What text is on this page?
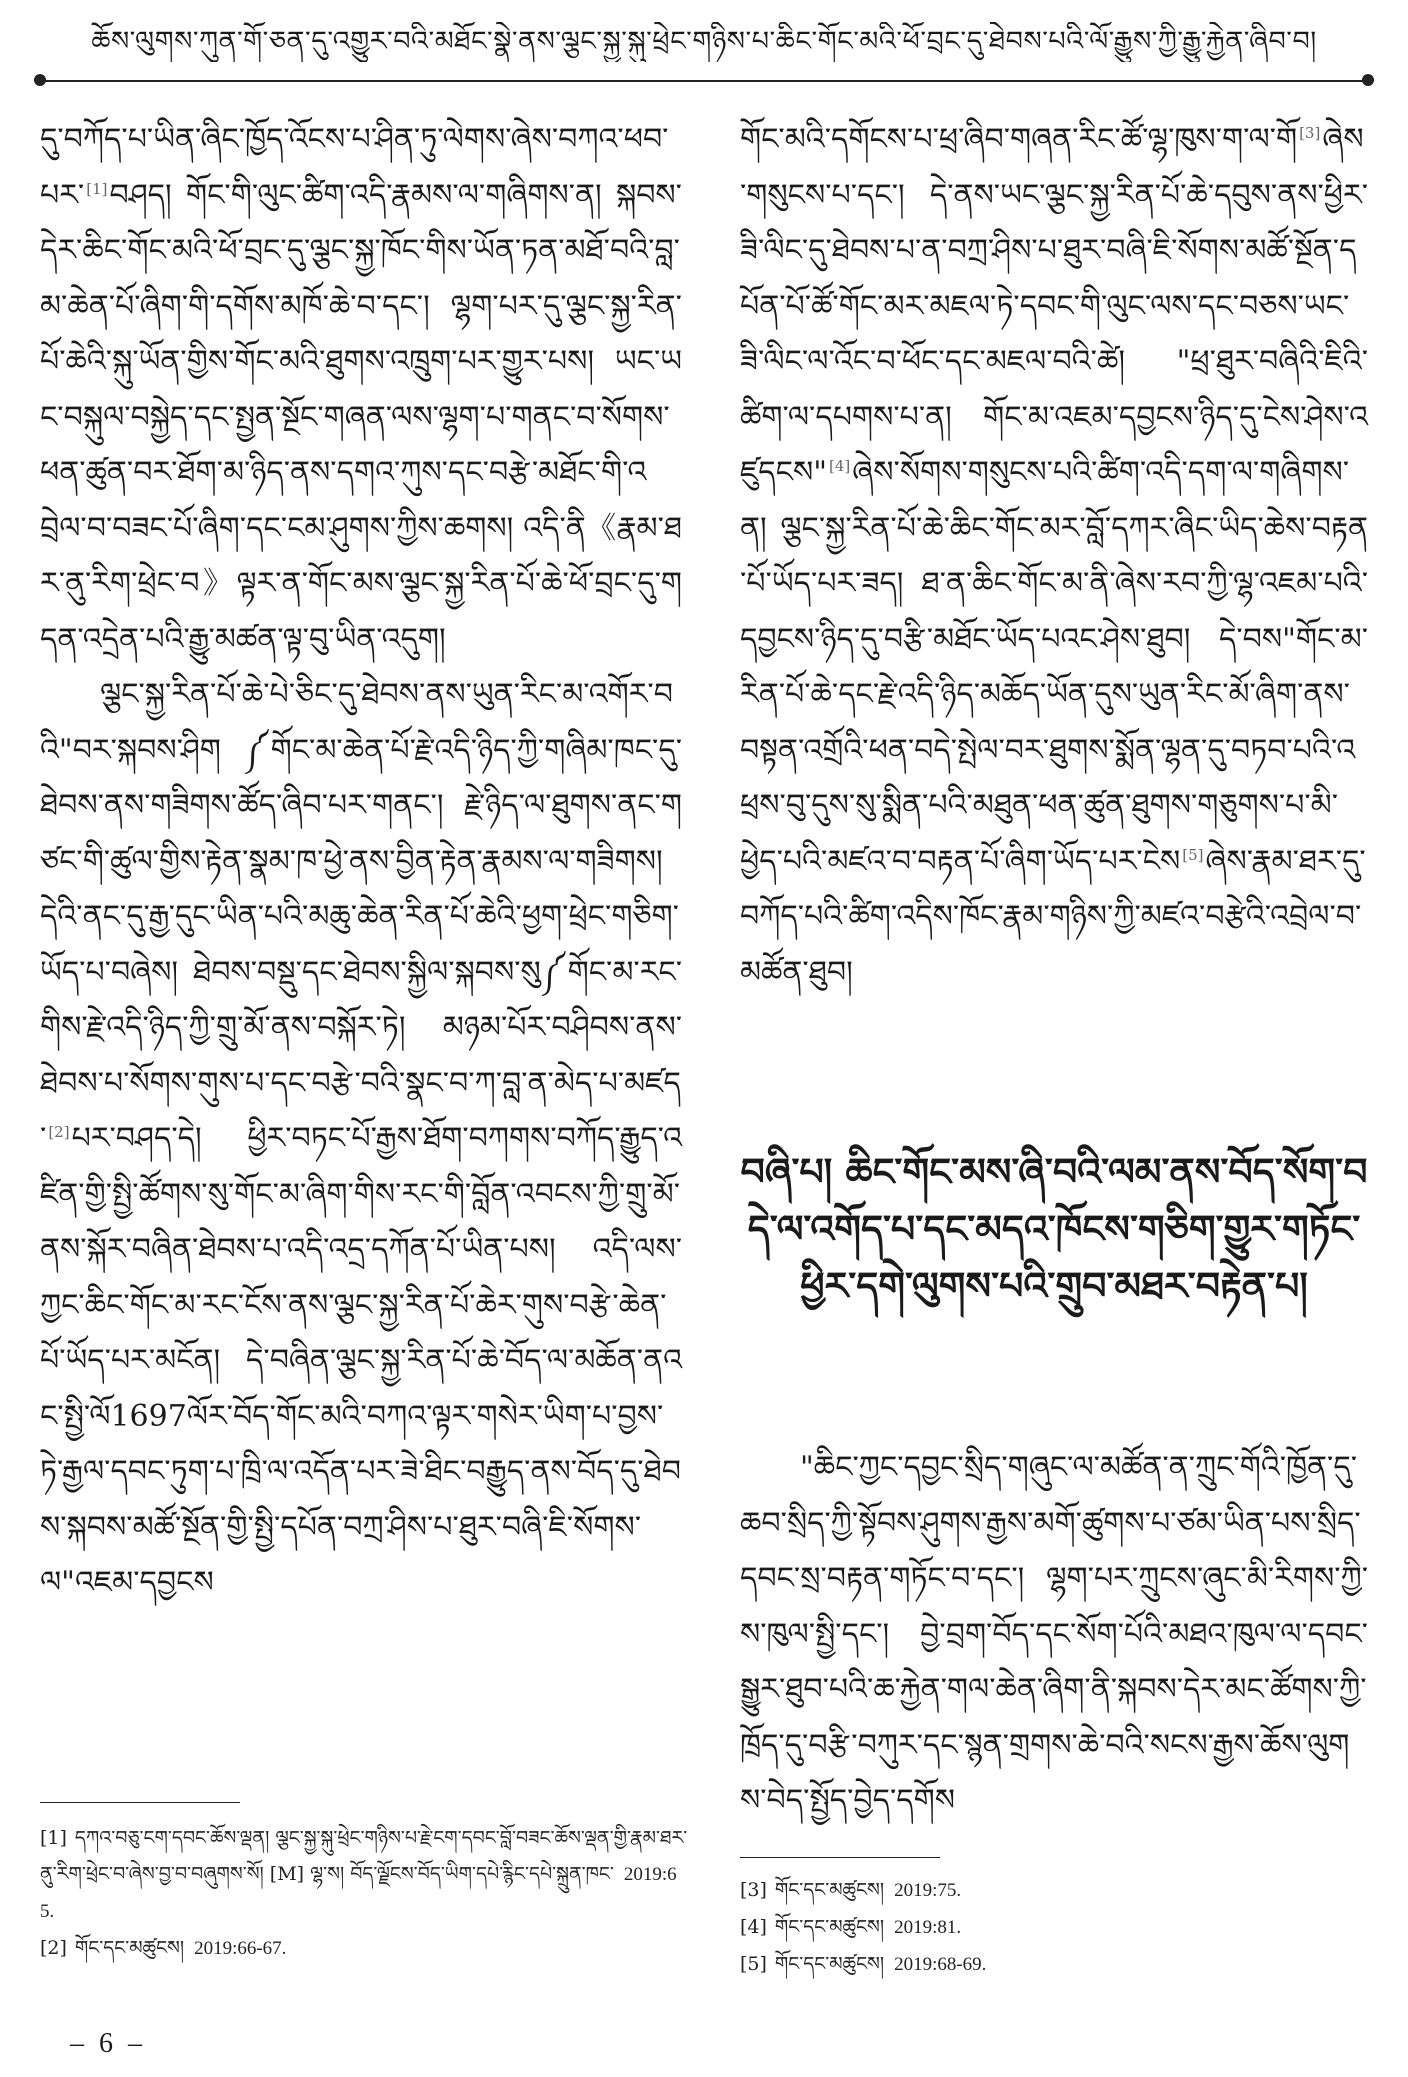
ཆོས་ལུགས་ཀུན་གོ་ཅན་དུ་འགྱུར་བའི་མཐོང་སྣེ་ནས་ལྕང་སྐྱ་སྐུ་ཕྲེང་གཉིས་པ་ཆིང་གོང་མའི་ཕོ་བྲང་དུ་ཐེབས་པའི་ལོ་རྒྱུས་ཀྱི་རྒྱུ་རྐྱེན་ཞིབ་བ།

དུ་བཀོད་པ་ཡིན་ཞིང་ཁྱོད་འོངས་པ་ཤིན་ཏུ་ལེགས་ཞེས་བཀའ་ཕབ་པར་ [1]བཤད། གོང་གི་ལུང་ཚིག་འདི་རྣམས་ལ་གཞིགས་ན། སྐབས་དེར་ཆིང་གོང་མའི་ཕོ་བྲང་དུ་ལྕང་སྐྱ་ཁོང་གིས་ཡོན་ཏན་མཐོ་བའི་བླ་མ་ཆེན་པོ་ཞིག་གི་དགོས་མཁོ་ཆེ་བ་དང་། ལྷག་པར་དུ་ལྕང་སྐྱ་རིན་པོ་ཆེའི་སྐུ་ཡོན་གྱིས་གོང་མའི་ཐུགས་འཁྲུག་པར་གྱུར་པས། ཡང་ཡང་བསྐུལ་བསྐྱེད་དང་སྤྱན་སྔོང་གཞན་ལས་ལྷག་པ་གནང་བ་སོགས་ཕན་ཚུན་བར་ཐོག་མ་ཉིད་ནས་དགའ་ཀུས་དང་བརྩེ་མཐོང་གི་འབྲེལ་བ་བཟང་པོ་ཞིག་དང་ངམ་ཤུགས་ཀྱིས་ཆགས། འདི་ནི《རྣམ་ཐར་ནུ་རིག་ཕྲེང་བ》ལྟར་ན་གོང་མས་ལྕང་སྐྱ་རིན་པོ་ཆེ་ཕོ་བྲང་དུ་གདན་འདྲེན་པའི་རྒྱུ་མཚན་ལྟ་བུ་ཡིན་འདུག།

ལྕང་སྐྱ་རིན་པོ་ཆེ་པེ་ཅིང་དུ་ཐེབས་ནས་ཡུན་རིང་མ་འགོར་བའི"བར་སྐབས་ཤིག ༼གོང་མ་ཆེན་པོ་རྗེ་འདི་ཉིད་ཀྱི་གཞིམ་ཁང་དུ་ཐེབས་ནས་གཟིགས་ཚོད་ཞིབ་པར་གནང་། རྗེ་ཉིད་ལ་ཐུགས་ནང་གཙང་གི་ཚུལ་གྱིས་རྟེན་སྣམ་ཁ་ཕྱེ་ནས་བྱིན་རྟེན་རྣམས་ལ་གཟིགས། དེའི་ནང་དུ་རྒྱ་དུང་ཡིན་པའི་མཆུ་ཆེན་རིན་པོ་ཆེའི་ཕྱག་ཕྲེང་གཅིག་ཡོད་པ་བཞེས། ཐེབས་བསྡུ་དང་ཐེབས་སྐྱིལ་སྐབས་སུ༼གོང་མ་རང་གིས་རྗེ་འདི་ཉིད་ཀྱི་གྲུ་མོ་ནས་བསྐོར་ཏེ། མཉམ་པོར་བཤིབས་ནས་ཐེབས་པ་སོགས་གུས་པ་དང་བརྩེ་བའི་སྣང་བ་ཀ་བླ་ན་མེད་པ་མཛད་ [2]པར་བཤད་དེ། ཕྱིར་བཏང་པོ་རྒྱས་ཐོག་བཀགས་བཀོད་རྒྱུད་འཛིན་གྱི་སྤྱི་ཚོགས་སུ་གོང་མ་ཞིག་གིས་རང་གི་བློན་འབངས་ཀྱི་གྲུ་མོ་ནས་སྐོར་བཞིན་ཐེབས་པ་འདི་འདྲ་དཀོན་པོ་ཡིན་པས། འདི་ལས་ཀྱང་ཆིང་གོང་མ་རང་ངོས་ནས་ལྕང་སྐྱ་རིན་པོ་ཆེར་གུས་བརྩེ་ཆེན་པོ་ཡོད་པར་མངོན། དེ་བཞིན་ལྕང་སྐྱ་རིན་པོ་ཆེ་བོད་ལ་མཆོན་ནའང་སྤྱི་ལོ1697ལོར་བོད་གོང་མའི་བཀའ་ལྟར་གསེར་ཡིག་པ་བྱས་ཏེ་རྒྱལ་དབང་ཏུག་པ་ཁྲི་ལ་འདོན་པར་ཟེ་ཐིང་བརྒྱུད་ནས་བོད་དུ་ཐེབས་སྐབས་མཚོ་སྔོན་གྱི་སྤྱི་དཔོན་བཀྲ་ཤིས་པ་ཐུར་བཞི་ཇི་སོགས་ལ"འཇམ་དབྱངས

[1] དཀའ་བཅུ་ངག་དབང་ཆོས་ལྡན། ལྕང་སྐྱ་སྐུ་ཕྲེང་གཉིས་པ་རྗེ་ངག་དབང་བློ་བཟང་ཆོས་ལྡན་གྱི་རྣམ་ཐར་ནུ་རིག་ཕྲེང་བ་ཞེས་བྱ་བ་བཞུགས་སོ། [M] ལྷ་ས། བོད་ལྗོངས་བོད་ཡིག་དཔེ་རྙིང་དཔེ་སྐྲུན་ཁང་ 2019:65.

[2] གོང་དང་མཚུངས། 2019:66-67.

གོང་མའི་དགོངས་པ་ཕྲ་ཞིབ་གཞན་རིང་ཚོ་ལྷ་ཁུས་ག་ལ་གོ [3]ཞེས་གསུངས་པ་དང་། དེ་ནས་ཡང་ལྕང་སྐྱ་རིན་པོ་ཆེ་དབུས་ནས་ཕྱིར་ཟི་ལིང་དུ་ཐེབས་པ་ན་བཀྲ་ཤིས་པ་ཐུར་བཞི་ཇི་སོགས་མཚོ་སྔོན་དཔོན་པོ་ཚོ་གོང་མར་མཇལ་ཏེ་དབང་གི་ལུང་ལས་དང་བཅས་ཡང་ཟི་ལིང་ལ་འོང་བ་ཕོང་དང་མཇལ་བའི་ཚེ། "ཕྲ་ཐུར་བཞིའི་ཇིའི་ཚིག་ལ་དཔགས་པ་ན། གོང་མ་འཇམ་དབྱངས་ཉིད་དུ་ངེས་ཤེས་འཛུདངས" [4]ཞེས་སོགས་གསུངས་པའི་ཚིག་འདི་དག་ལ་གཞིགས་ན། ལྕང་སྐྱ་རིན་པོ་ཆེ་ཆིང་གོང་མར་བློ་དཀར་ཞིང་ཡིད་ཆེས་བརྟན་པོ་ཡོད་པར་ཟད། ཐ་ན་ཆིང་གོང་མ་ནི་ཞེས་རབ་ཀྱི་ལྷ་འཇམ་པའི་དབྱངས་ཉིད་དུ་བརྩི་མཐོང་ཡོད་པའང་ཤེས་ཐུབ། དེ་བས"གོང་མ་རིན་པོ་ཆེ་དང་རྗེ་འདི་ཉིད་མཆོད་ཡོན་དུས་ཡུན་རིང་མོ་ཞིག་ནས་བསྟན་འགྲོའི་ཕན་བདེ་སྤེལ་བར་ཐུགས་སྨོན་ལྷན་དུ་བཏབ་པའི་འཕྲས་བུ་དུས་སུ་སྨིན་པའི་མཐུན་ཕན་ཚུན་ཐུགས་གཅུགས་པ་མི་ཕྱེད་པའི་མཛའ་བ་བརྟན་པོ་ཞིག་ཡོད་པར་ངེས [5]ཞེས་རྣམ་ཐར་དུ་བཀོད་པའི་ཚིག་འདིས་ཁོང་རྣམ་གཉིས་ཀྱི་མཛའ་བརྩེའི་འབྲེལ་བ་མཚོན་ཐུབ།

བཞི་པ། ཆིང་གོང་མས་ཞི་བའི་ལམ་ནས་བོད་སོག་བདེ་ལ་འགོད་པ་དང་མདའ་ཁོངས་གཅིག་གྱུར་གཏོང་ཕྱིར་དགེ་ལུགས་པའི་གྲུབ་མཐར་བརྟེན་པ།

"ཆིང་ཀྱང་དབྱང་སྲིད་གཞུང་ལ་མཚོན་ན་ཀྲུང་གོའི་ཁྱོན་དུ་ཆབ་སྲིད་ཀྱི་སྟོབས་ཤུགས་རྒྱས་མགོ་ཚུགས་པ་ཙམ་ཡིན་པས་སྲིད་དབང་སྲ་བརྟན་གཏོང་བ་དང་། ལྷག་པར་ཀྲུངས་ཞུང་མི་རིགས་ཀྱི་ས་ཁུལ་སྤྱི་དང་། བྱེ་བྲག་བོད་དང་སོག་པོའི་མཐའ་ཁུལ་ལ་དབང་སྒྱུར་ཐུབ་པའི་ཆ་རྐྱེན་གལ་ཆེན་ཞིག་ནི་སྐབས་དེར་མང་ཚོགས་ཀྱི་ཁྲོད་དུ་བརྩི་བཀུར་དང་སྙན་གྲགས་ཆེ་བའི་སངས་རྒྱས་ཆོས་ལུགས་བེད་སྤྱོད་བྱེད་དགོས

[3] གོང་དང་མཚུངས། 2019:75.

[4] གོང་དང་མཚུངས། 2019:81.

[5] གོང་དང་མཚུངས། 2019:68-69.

– 6 –
